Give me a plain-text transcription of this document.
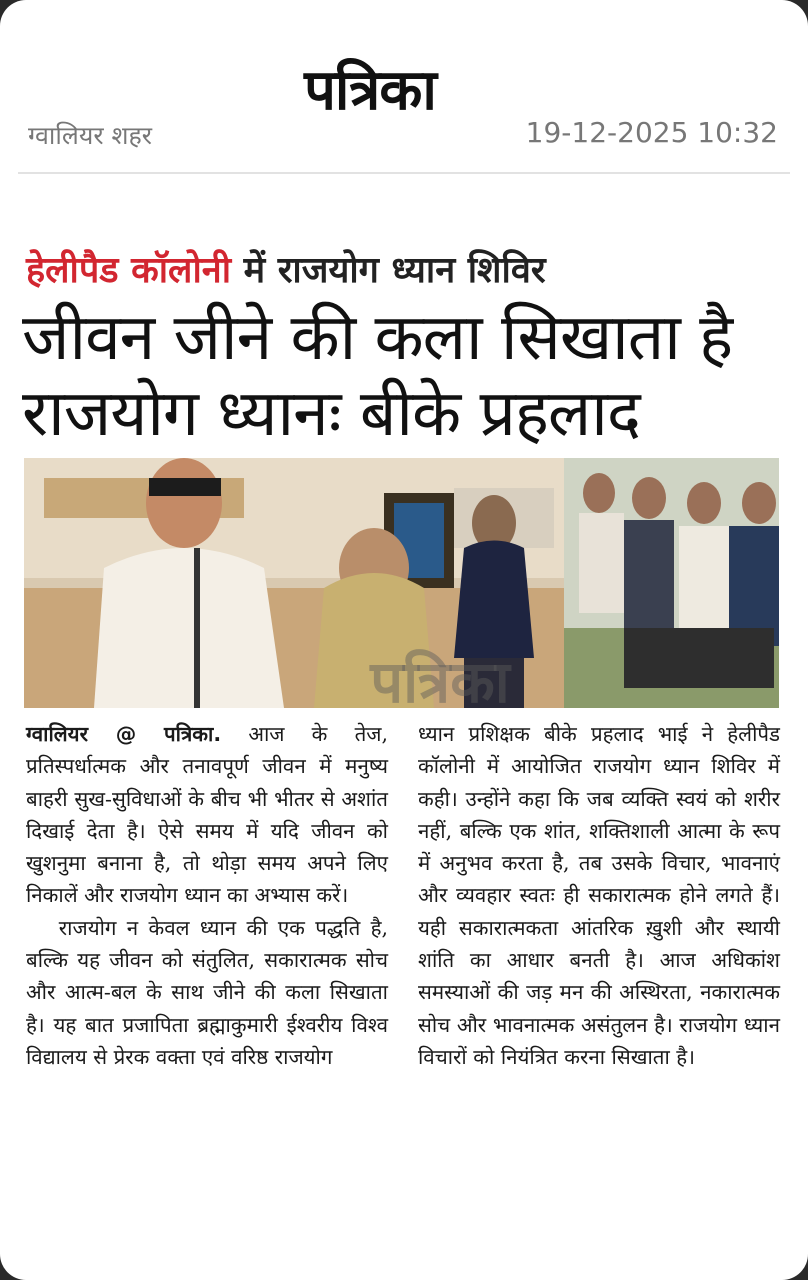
पत्रिका
ग्वालियर शहर	19-12-2025 10:32
हेलीपैड कॉलोनी में राजयोग ध्यान शिविर
जीवन जीने की कला सिखाता है
राजयोग ध्यानः बीके प्रहलाद
पत्रिका

ग्वालियर @ पत्रिका. आज के तेज, प्रतिस्पर्धात्मक और तनावपूर्ण जीवन में मनुष्य बाहरी सुख-सुविधाओं के बीच भी भीतर से अशांत दिखाई देता है। ऐसे समय में यदि जीवन को खुशनुमा बनाना है, तो थोड़ा समय अपने लिए निकालें और राजयोग ध्यान का अभ्यास करें।

राजयोग न केवल ध्यान की एक पद्धति है, बल्कि यह जीवन को संतुलित, सकारात्मक सोच और आत्म-बल के साथ जीने की कला सिखाता है। यह बात प्रजापिता ब्रह्माकुमारी ईश्वरीय विश्व विद्यालय से प्रेरक वक्ता एवं वरिष्ठ राजयोग

ध्यान प्रशिक्षक बीके प्रहलाद भाई ने हेलीपैड कॉलोनी में आयोजित राजयोग ध्यान शिविर में कही। उन्होंने कहा कि जब व्यक्ति स्वयं को शरीर नहीं, बल्कि एक शांत, शक्तिशाली आत्मा के रूप में अनुभव करता है, तब उसके विचार, भावनाएं और व्यवहार स्वतः ही सकारात्मक होने लगते हैं। यही सकारात्मकता आंतरिक ख़ुशी और स्थायी शांति का आधार बनती है। आज अधिकांश समस्याओं की जड़ मन की अस्थिरता, नकारात्मक सोच और भावनात्मक असंतुलन है। राजयोग ध्यान विचारों को नियंत्रित करना सिखाता है।
